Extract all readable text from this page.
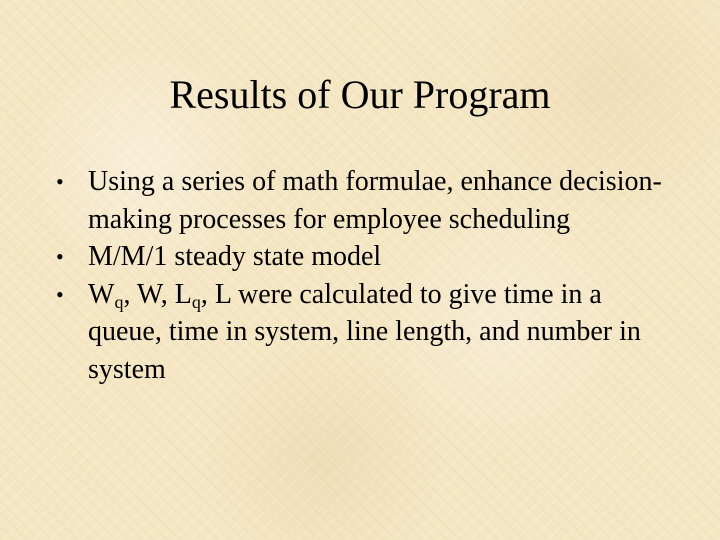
Results of Our Program
• Using a series of math formulae, enhance decision-making processes for employee scheduling
• M/M/1 steady state model
• $W_q$, W, $L_q$, L were calculated to give time in a queue, time in system, line length, and number in system
